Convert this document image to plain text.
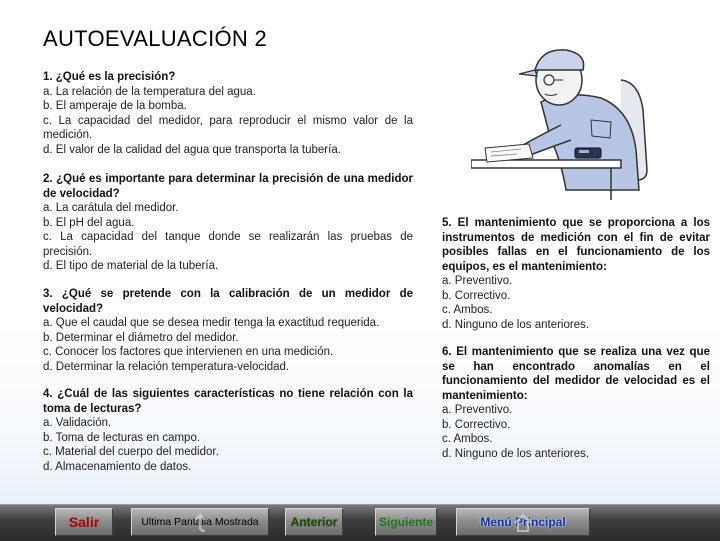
AUTOEVALUACIÓN 2
1. ¿Qué es la precisión?
a. La relación de la temperatura del agua.
b. El amperaje de la bomba.
c. La capacidad del medidor, para reproducir el mismo valor de la medición.
d. El valor de la calidad del agua que transporta la tubería.
2. ¿Qué es importante para determinar la precisión de una medidor de velocidad?
a. La carátula del medidor.
b. El pH del agua.
c. La capacidad del tanque donde se realizarán las pruebas de precisión.
d. El tipo de material de la tubería.
3. ¿Qué se pretende con la calibración de un medidor de velocidad?
a. Que el caudal que se desea medir tenga la exactitud requerida.
b. Determinar el diámetro del medidor.
c. Conocer los factores que intervienen en una medición.
d. Determinar la relación temperatura-velocidad.
4. ¿Cuál de las siguientes características no tiene relación con la toma de lecturas?
a. Validación.
b. Toma de lecturas en campo.
c. Material del cuerpo del medidor.
d. Almacenamiento de datos.
5. El mantenimiento que se proporciona a los instrumentos de medición con el fin de evitar posibles fallas en el funcionamiento de los equipos, es el mantenimiento:
a. Preventivo.
b. Correctivo.
c. Ambos.
d. Ninguno de los anteriores.
6. El mantenimiento que se realiza una vez que se han encontrado anomalías en el funcionamiento del medidor de velocidad es el mantenimiento:
a. Preventivo.
b. Correctivo.
c. Ambos.
d. Ninguno de los anteriores.
Salir	Ultima Pantalla Mostrada	Anterior	Siguiente	Menú Principal
